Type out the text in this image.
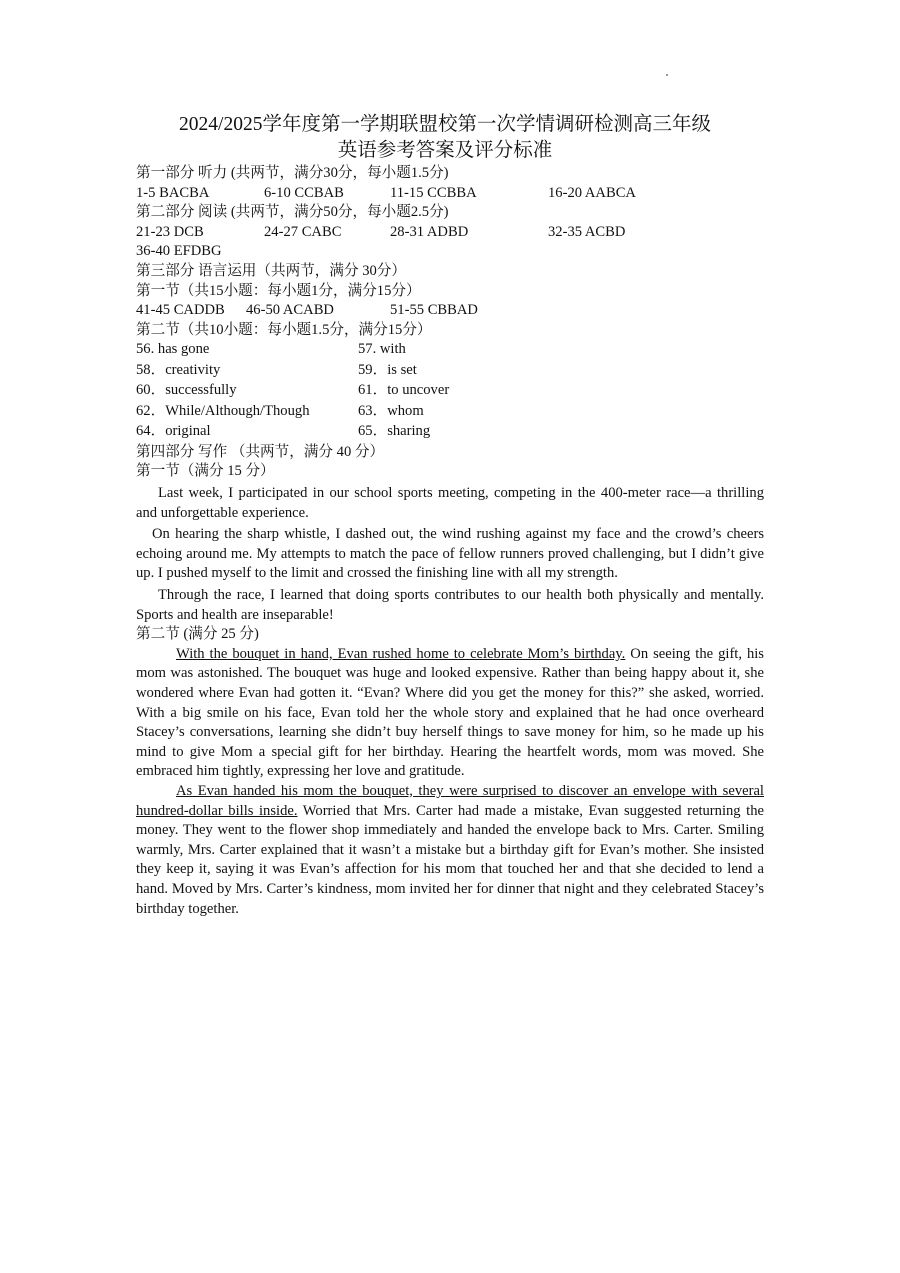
2024/2025学年度第一学期联盟校第一次学情调研检测高三年级
英语参考答案及评分标准
第一部分 听力 (共两节，满分30分，每小题1.5分)
1-5 BACBA	6-10 CCBAB	11-15 CCBBA	16-20 AABCA
第二部分 阅读 (共两节，满分50分，每小题2.5分)
21-23 DCB	24-27 CABC	28-31 ADBD	32-35 ACBD
36-40 EFDBG
第三部分 语言运用（共两节，满分 30分）
第一节（共15小题：每小题1分，满分15分）
41-45 CADDB 46-50 ACABD	51-55 CBBAD
第二节（共10小题：每小题1.5分，满分15分）
56. has gone	57. with
58．creativity	59．is set
60．successfully	61．to uncover
62．While/Although/Though	63．whom
64．original	65．sharing
第四部分 写作 （共两节，满分 40 分）
第一节（满分 15 分）

Last week, I participated in our school sports meeting, competing in the 400-meter race—a thrilling and unforgettable experience.

On hearing the sharp whistle, I dashed out, the wind rushing against my face and the crowd’s cheers echoing around me. My attempts to match the pace of fellow runners proved challenging, but I didn’t give up. I pushed myself to the limit and crossed the finishing line with all my strength.

Through the race, I learned that doing sports contributes to our health both physically and mentally. Sports and health are inseparable!

第二节 (满分 25 分)

With the bouquet in hand, Evan rushed home to celebrate Mom’s birthday. On seeing the gift, his mom was astonished. The bouquet was huge and looked expensive. Rather than being happy about it, she wondered where Evan had gotten it. “Evan? Where did you get the money for this?” she asked, worried. With a big smile on his face, Evan told her the whole story and explained that he had once overheard Stacey’s conversations, learning she didn’t buy herself things to save money for him, so he made up his mind to give Mom a special gift for her birthday. Hearing the heartfelt words, mom was moved. She embraced him tightly, expressing her love and gratitude.

As Evan handed his mom the bouquet, they were surprised to discover an envelope with several hundred-dollar bills inside. Worried that Mrs. Carter had made a mistake, Evan suggested returning the money. They went to the flower shop immediately and handed the envelope back to Mrs. Carter. Smiling warmly, Mrs. Carter explained that it wasn’t a mistake but a birthday gift for Evan’s mother. She insisted they keep it, saying it was Evan’s affection for his mom that touched her and that she decided to lend a hand. Moved by Mrs. Carter’s kindness, mom invited her for dinner that night and they celebrated Stacey’s birthday together.
